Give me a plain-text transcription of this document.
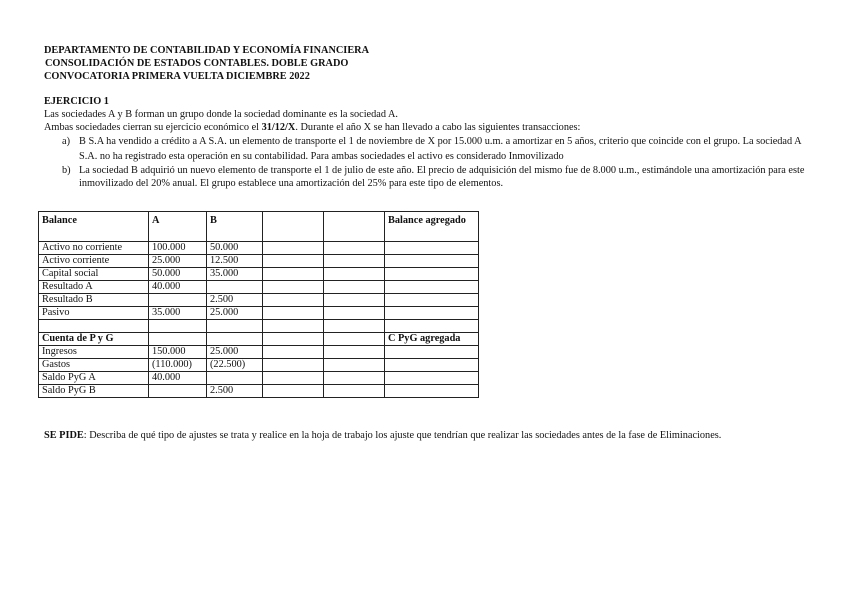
DEPARTAMENTO DE CONTABILIDAD Y ECONOMÍA FINANCIERA
CONSOLIDACIÓN DE ESTADOS CONTABLES. DOBLE GRADO
CONVOCATORIA PRIMERA VUELTA DICIEMBRE 2022
EJERCICIO 1

Las sociedades A y B forman un grupo donde la sociedad dominante es la sociedad A.

Ambas sociedades cierran su ejercicio económico el 31/12/X. Durante el año X se han llevado a cabo las siguientes transacciones:

a) B S.A ha vendido a crédito a A S.A. un elemento de transporte el 1 de noviembre de X por 15.000 u.m. a amortizar en 5 años, criterio que coincide con el grupo. La sociedad A S.A. no ha registrado esta operación en su contabilidad. Para ambas sociedades el activo es considerado Inmovilizado
b) La sociedad B adquirió un nuevo elemento de transporte el 1 de julio de este año. El precio de adquisición del mismo fue de 8.000 u.m., estimándole una amortización para este inmovilizado del 20% anual. El grupo establece una amortización del 25% para este tipo de elementos.
Balance	A	B			Balance agregado
Activo no corriente	100.000	50.000			
Activo corriente	25.000	12.500			
Capital social	50.000	35.000			
Resultado A	40.000				
Resultado B		2.500			
Pasivo	35.000	25.000			

Cuenta de P y G					C PyG agregada
Ingresos	150.000	25.000			
Gastos	(110.000)	(22.500)			
Saldo PyG A	40.000				
Saldo PyG B		2.500			
SE PIDE: Describa de qué tipo de ajustes se trata y realice en la hoja de trabajo los ajuste que tendrían que realizar las sociedades antes de la fase de Eliminaciones.
